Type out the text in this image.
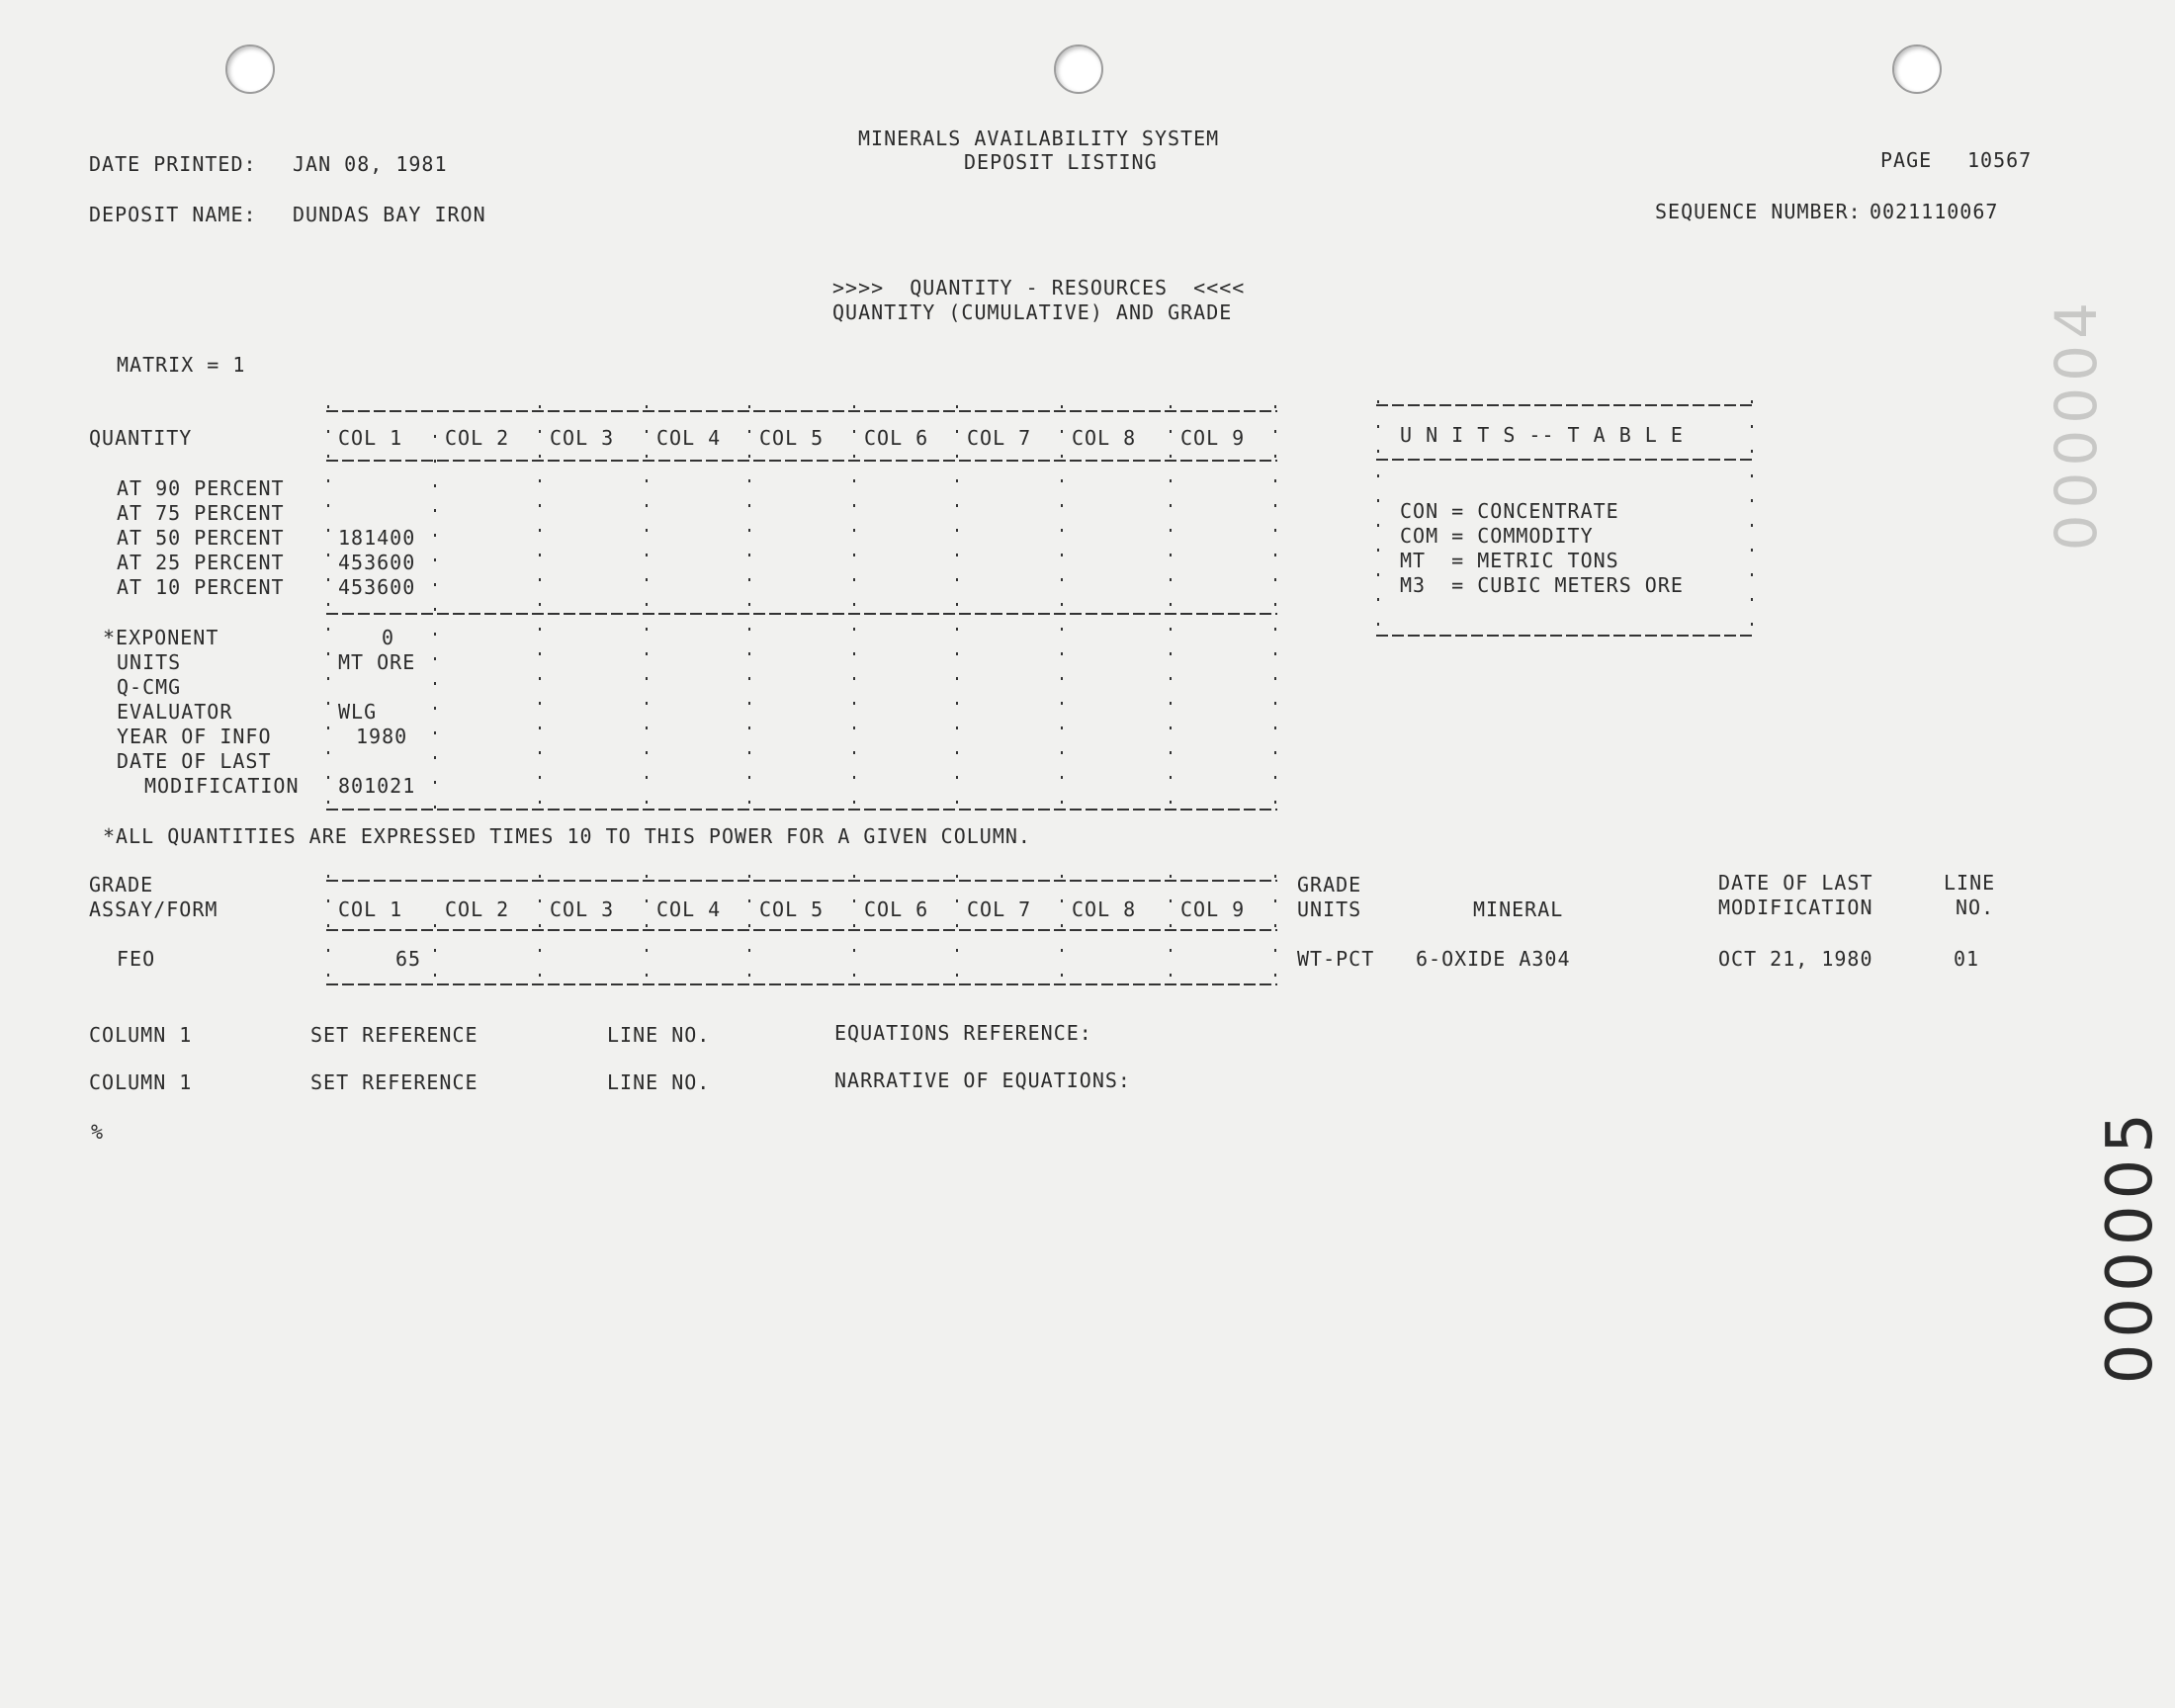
MINERALS AVAILABILITY SYSTEM
DEPOSIT LISTING
DATE PRINTED: JAN 08, 1981	PAGE 10567
DEPOSIT NAME: DUNDAS BAY IRON	SEQUENCE NUMBER: 0021110067
>>>>  QUANTITY - RESOURCES  <<<<
QUANTITY (CUMULATIVE) AND GRADE
MATRIX = 1
QUANTITY	COL 1 COL 2 COL 3 COL 4 COL 5 COL 6 COL 7 COL 8 COL 9
AT 90 PERCENT
AT 75 PERCENT
AT 50 PERCENT	181400
AT 25 PERCENT	453600
AT 10 PERCENT	453600
*EXPONENT	0
UNITS	MT ORE
Q-CMG
EVALUATOR	WLG
YEAR OF INFO	1980
DATE OF LAST
MODIFICATION 801021
*ALL QUANTITIES ARE EXPRESSED TIMES 10 TO THIS POWER FOR A GIVEN COLUMN.
U N I T S -- T A B L E
CON = CONCENTRATE
COM = COMMODITY
MT  = METRIC TONS
M3  = CUBIC METERS ORE
GRADE
ASSAY/FORM	COL 1 COL 2 COL 3 COL 4 COL 5 COL 6 COL 7 COL 8 COL 9
GRADE
UNITS	MINERAL
DATE OF LAST
MODIFICATION
LINE
NO.
FEO	65	WT-PCT 6-OXIDE A304	OCT 21, 1980	01
COLUMN 1	SET REFERENCE	LINE NO.	EQUATIONS REFERENCE:
COLUMN 1	SET REFERENCE	LINE NO.	NARRATIVE OF EQUATIONS:
%	000005
000004
